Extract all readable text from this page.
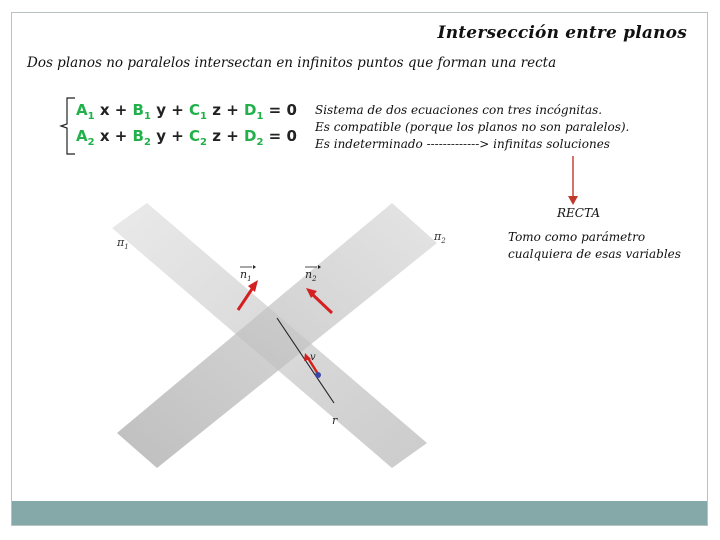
Intersección entre planos
Dos planos no paralelos intersectan en infinitos puntos que forman una recta
$A_1$ $x + B_1$ $y + C_1$ $z + D_1 = 0$
$A_2$ $x + B_2$ $y + C_2$ $z + D_2 = 0$
Sistema de dos ecuaciones con tres incógnitas.
Es compatible (porque los planos no son paralelos).
Es indeterminado -------------> infinitas soluciones
RECTA
Tomo como parámetro
cualquiera de esas variables
$\pi_1$
$\pi_2$
$n_1$	$n_2$
v
r
